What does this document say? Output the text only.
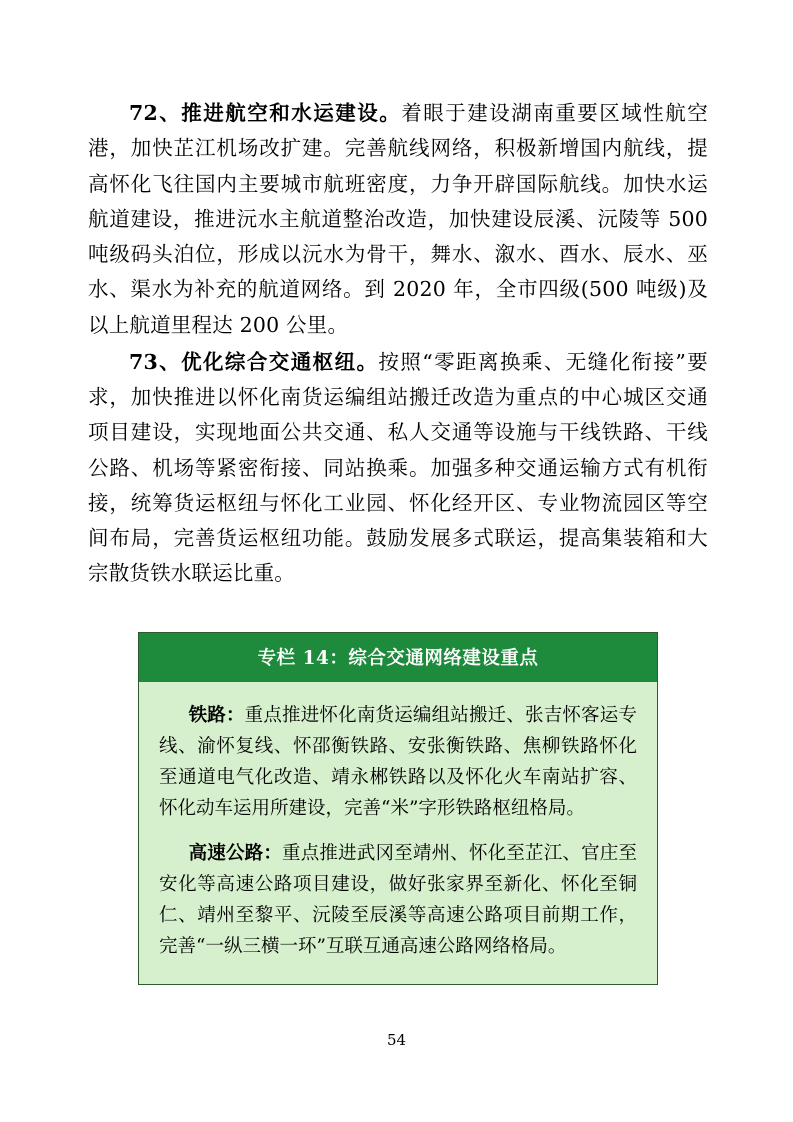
72、推进航空和水运建设。着眼于建设湖南重要区域性航空港，加快芷江机场改扩建。完善航线网络，积极新增国内航线，提高怀化飞往国内主要城市航班密度，力争开辟国际航线。加快水运航道建设，推进沅水主航道整治改造，加快建设辰溪、沅陵等 500 吨级码头泊位，形成以沅水为骨干，舞水、溆水、酉水、辰水、巫水、渠水为补充的航道网络。到 2020 年，全市四级(500 吨级)及以上航道里程达 200 公里。

73、优化综合交通枢纽。按照“零距离换乘、无缝化衔接”要求，加快推进以怀化南货运编组站搬迁改造为重点的中心城区交通项目建设，实现地面公共交通、私人交通等设施与干线铁路、干线公路、机场等紧密衔接、同站换乘。加强多种交通运输方式有机衔接，统筹货运枢纽与怀化工业园、怀化经开区、专业物流园区等空间布局，完善货运枢纽功能。鼓励发展多式联运，提高集装箱和大宗散货铁水联运比重。

专栏 14：综合交通网络建设重点

铁路：重点推进怀化南货运编组站搬迁、张吉怀客运专线、渝怀复线、怀邵衡铁路、安张衡铁路、焦柳铁路怀化至通道电气化改造、靖永郴铁路以及怀化火车南站扩容、怀化动车运用所建设，完善“米”字形铁路枢纽格局。

高速公路：重点推进武冈至靖州、怀化至芷江、官庄至安化等高速公路项目建设，做好张家界至新化、怀化至铜仁、靖州至黎平、沅陵至辰溪等高速公路项目前期工作，完善“一纵三横一环”互联互通高速公路网络格局。

54
